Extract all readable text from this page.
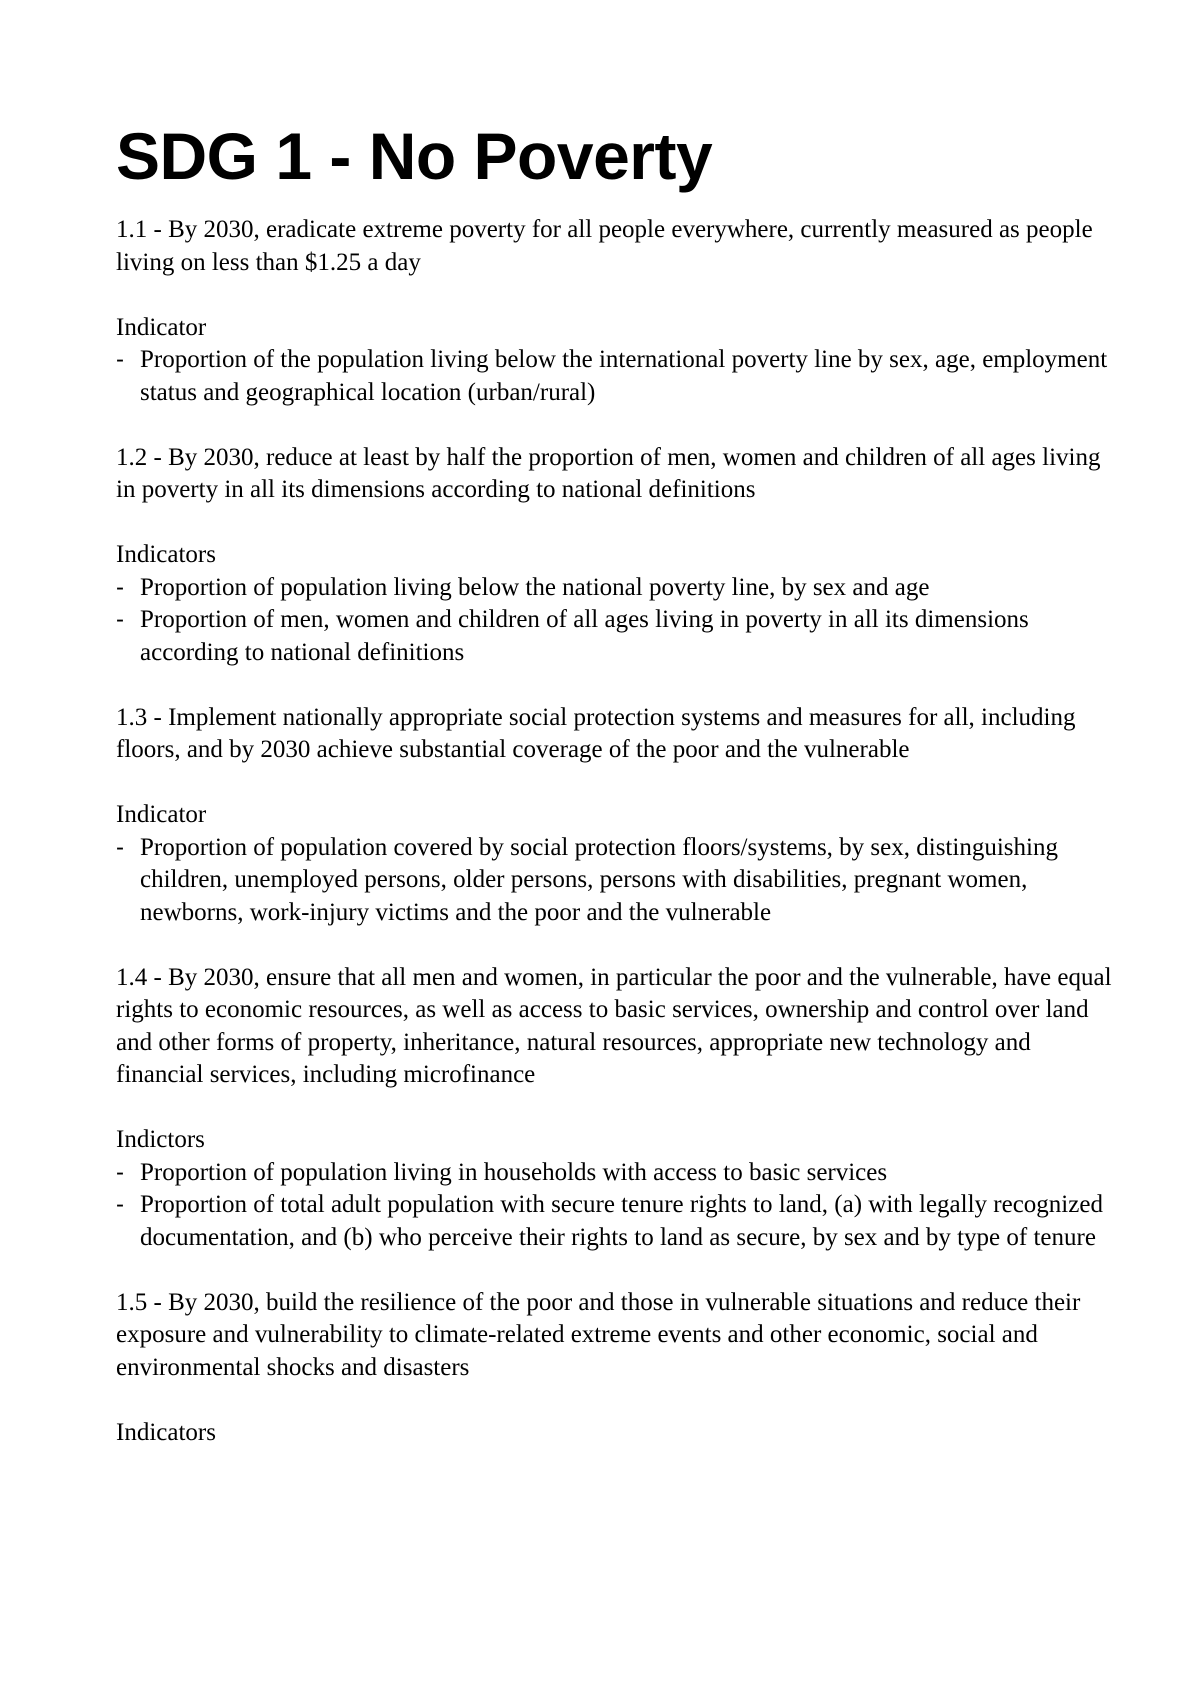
SDG 1 - No Poverty

1.1 - By 2030, eradicate extreme poverty for all people everywhere, currently measured as people living on less than $1.25 a day

Indicator

- Proportion of the population living below the international poverty line by sex, age, employment status and geographical location (urban/rural)

1.2 - By 2030, reduce at least by half the proportion of men, women and children of all ages living in poverty in all its dimensions according to national definitions

Indicators

- Proportion of population living below the national poverty line, by sex and age
- Proportion of men, women and children of all ages living in poverty in all its dimensions according to national definitions

1.3 - Implement nationally appropriate social protection systems and measures for all, including floors, and by 2030 achieve substantial coverage of the poor and the vulnerable

Indicator

- Proportion of population covered by social protection floors/systems, by sex, distinguishing children, unemployed persons, older persons, persons with disabilities, pregnant women, newborns, work-injury victims and the poor and the vulnerable

1.4 - By 2030, ensure that all men and women, in particular the poor and the vulnerable, have equal rights to economic resources, as well as access to basic services, ownership and control over land and other forms of property, inheritance, natural resources, appropriate new technology and financial services, including microfinance

Indictors

- Proportion of population living in households with access to basic services
- Proportion of total adult population with secure tenure rights to land, (a) with legally recognized documentation, and (b) who perceive their rights to land as secure, by sex and by type of tenure

1.5 - By 2030, build the resilience of the poor and those in vulnerable situations and reduce their exposure and vulnerability to climate-related extreme events and other economic, social and environmental shocks and disasters

Indicators
